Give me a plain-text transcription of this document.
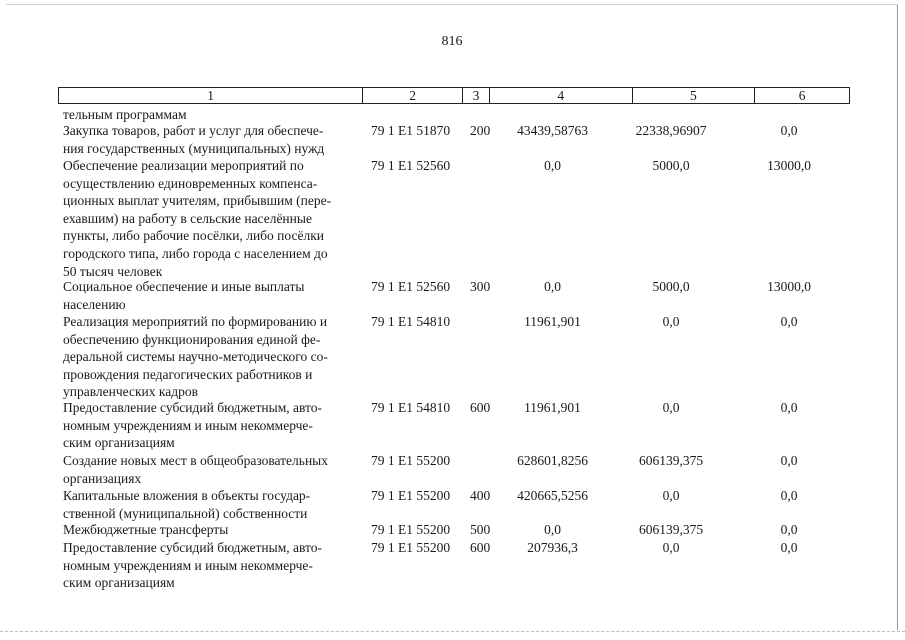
816
1	2	3	4	5	6
тельным программам
Закупка товаров, работ и услуг для обеспече-
ния государственных (муниципальных) нужд
79 1 E1 51870 200	43439,58763	22338,96907	0,0
Обеспечение реализации мероприятий по
осуществлению единовременных компенса-
ционных выплат учителям, прибывшим (пере-
ехавшим) на работу в сельские населённые
пункты, либо рабочие посёлки, либо посёлки
городского типа, либо города с населением до
50 тысяч человек
79 1 E1 52560	0,0	5000,0	13000,0
Социальное обеспечение и иные выплаты
населению
79 1 E1 52560 300	0,0	5000,0	13000,0
Реализация мероприятий по формированию и
обеспечению функционирования единой фе-
деральной системы научно-методического со-
провождения педагогических работников и
управленческих кадров
79 1 E1 54810	11961,901	0,0	0,0
Предоставление субсидий бюджетным, авто-
номным учреждениям и иным некоммерче-
ским организациям
79 1 E1 54810 600	11961,901	0,0	0,0
Создание новых мест в общеобразовательных
организациях
79 1 E1 55200	628601,8256	606139,375	0,0
Капитальные вложения в объекты государ-
ственной (муниципальной) собственности
79 1 E1 55200 400	420665,5256	0,0	0,0
Межбюджетные трансферты	79 1 E1 55200 500	0,0	606139,375	0,0
Предоставление субсидий бюджетным, авто-
номным учреждениям и иным некоммерче-
ским организациям
79 1 E1 55200 600	207936,3	0,0	0,0
